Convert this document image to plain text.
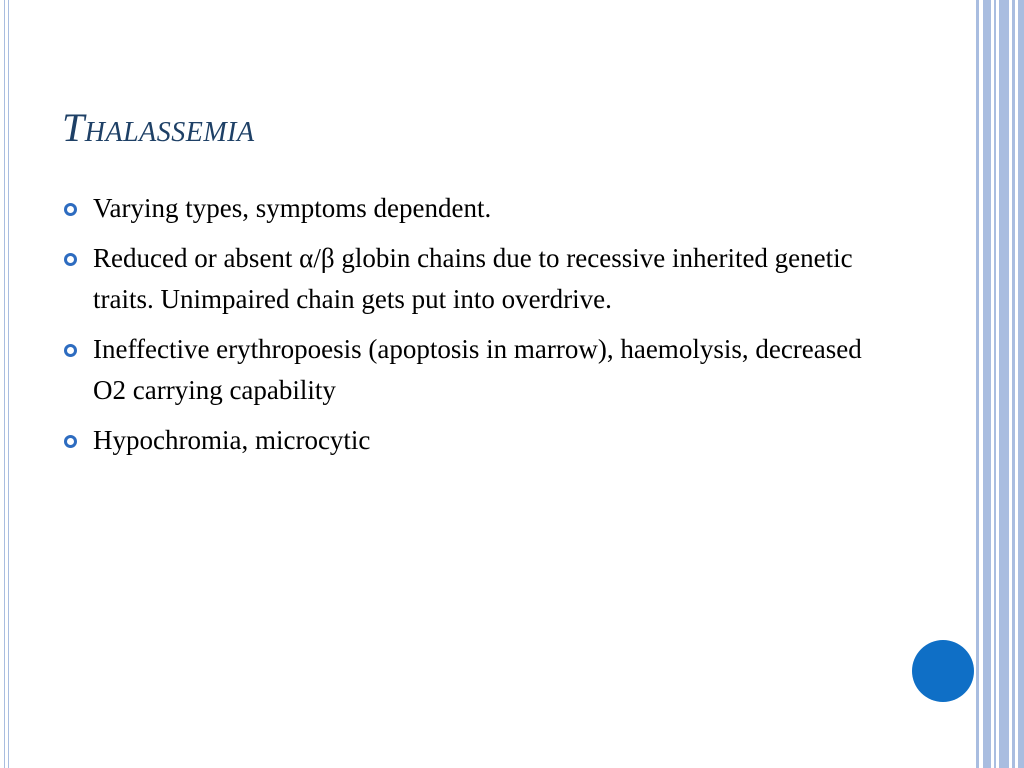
Thalassemia
Varying types, symptoms dependent.
Reduced or absent α/β globin chains due to recessive inherited genetic traits. Unimpaired chain gets put into overdrive.
Ineffective erythropoesis (apoptosis in marrow), haemolysis, decreased O2 carrying capability
Hypochromia, microcytic
